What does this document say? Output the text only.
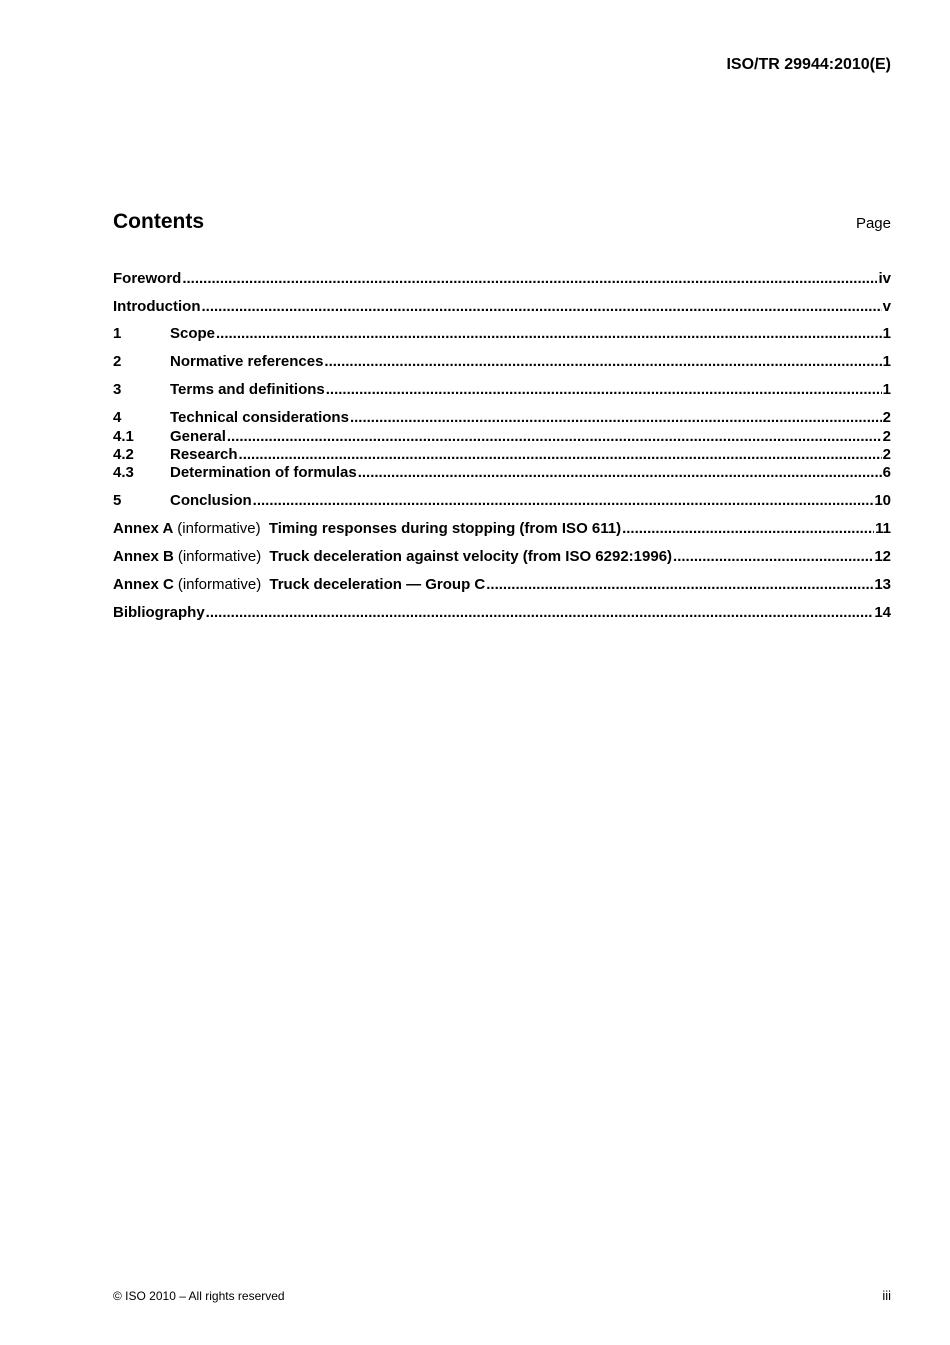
ISO/TR 29944:2010(E)
Contents	Page
Foreword .....	iv
Introduction .....	v
1	Scope .....	1
2	Normative references .....	1
3	Terms and definitions .....	1
4	Technical considerations .....	2
4.1	General .....	2
4.2	Research .....	2
4.3	Determination of formulas .....	6
5	Conclusion .....	10
Annex A (informative) Timing responses during stopping (from ISO 611) .....	11
Annex B (informative) Truck deceleration against velocity (from ISO 6292:1996) .....	12
Annex C (informative) Truck deceleration — Group C .....	13
Bibliography .....	14
© ISO 2010 – All rights reserved	iii
